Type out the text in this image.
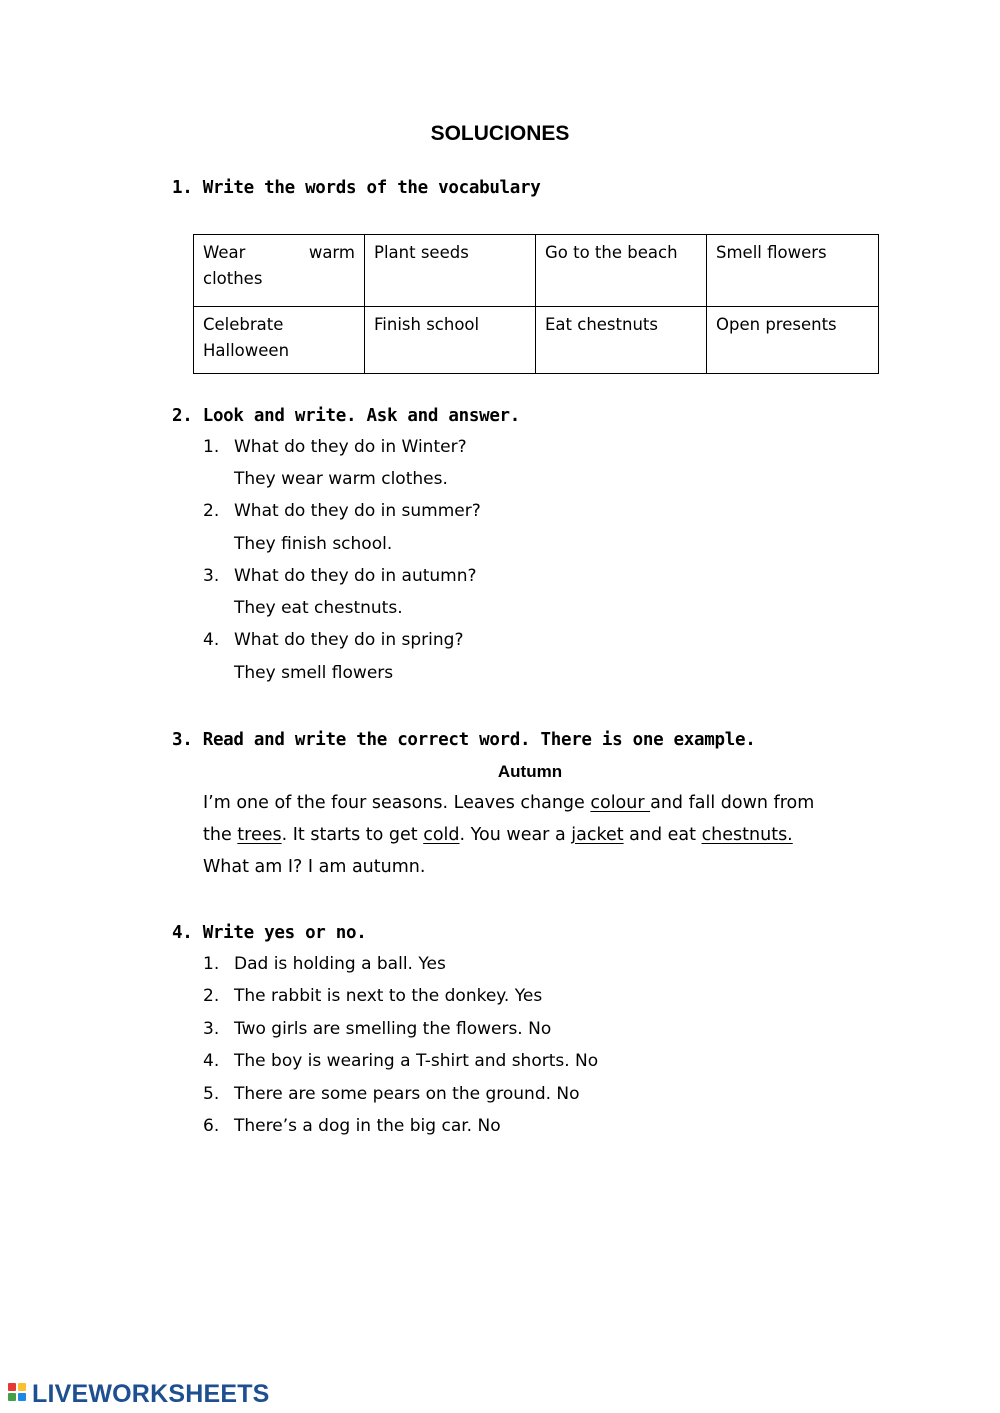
SOLUCIONES
1. Write the words of the vocabulary
Wear warm clothes	Plant seeds	Go to the beach	Smell flowers
Celebrate Halloween	Finish school	Eat chestnuts	Open presents
2. Look and write. Ask and answer.
1. What do they do in Winter?
They wear warm clothes.
2. What do they do in summer?
They finish school.
3. What do they do in autumn?
They eat chestnuts.
4. What do they do in spring?
They smell flowers
3. Read and write the correct word. There is one example.
Autumn
I’m one of the four seasons. Leaves change colour and fall down from
the trees. It starts to get cold. You wear a jacket and eat chestnuts.
What am I? I am autumn.
4. Write yes or no.
1. Dad is holding a ball. Yes
2. The rabbit is next to the donkey. Yes
3. Two girls are smelling the flowers. No
4. The boy is wearing a T-shirt and shorts. No
5. There are some pears on the ground. No
6. There’s a dog in the big car. No
LIVEWORKSHEETS
